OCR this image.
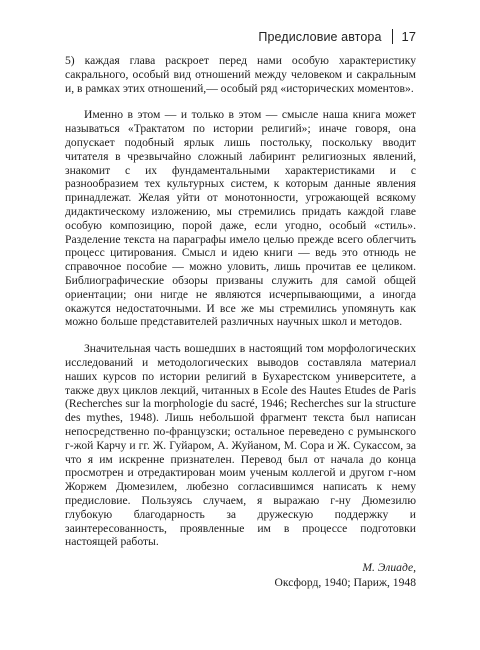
Предисловие автора 17

5) каждая глава раскроет перед нами особую характеристику сакрального, особый вид отношений между человеком и сакральным и, в рамках этих отношений,— особый ряд «исторических моментов».

Именно в этом — и только в этом — смысле наша книга может называться «Трактатом по истории религий»; иначе говоря, она допускает подобный ярлык лишь постольку, поскольку вводит читателя в чрезвычайно сложный лабиринт религиозных явлений, знакомит с их фундаментальными характеристиками и с разнообразием тех культурных систем, к которым данные явления принадлежат. Желая уйти от монотонности, угрожающей всякому дидактическому изложению, мы стремились придать каждой главе особую композицию, порой даже, если угодно, особый «стиль». Разделение текста на параграфы имело целью прежде всего облегчить процесс цитирования. Смысл и идею книги — ведь это отнюдь не справочное пособие — можно уловить, лишь прочитав ее целиком. Библиографические обзоры призваны служить для самой общей ориентации; они нигде не являются исчерпывающими, а иногда окажутся недостаточными. И все же мы стремились упомянуть как можно больше представителей различных научных школ и методов.

Значительная часть вошедших в настоящий том морфологических исследований и методологических выводов составляла материал наших курсов по истории религий в Бухарестском университете, а также двух циклов лекций, читанных в Ecole des Hautes Etudes de Paris (Recherches sur la morphologie du sacré, 1946; Recherches sur la structure des mythes, 1948). Лишь небольшой фрагмент текста был написан непосредственно по-французски; остальное переведено с румынского г-жой Карчу и гг. Ж. Гуйаром, А. Жуйаном, М. Сора и Ж. Сукассом, за что я им искренне признателен. Перевод был от начала до конца просмотрен и отредактирован моим ученым коллегой и другом г-ном Жоржем Дюмезилем, любезно согласившимся написать к нему предисловие. Пользуясь случаем, я выражаю г-ну Дюмезилю глубокую благодарность за дружескую поддержку и заинтересованность, проявленные им в процессе подготовки настоящей работы.

М. Элиаде,
Оксфорд, 1940; Париж, 1948
